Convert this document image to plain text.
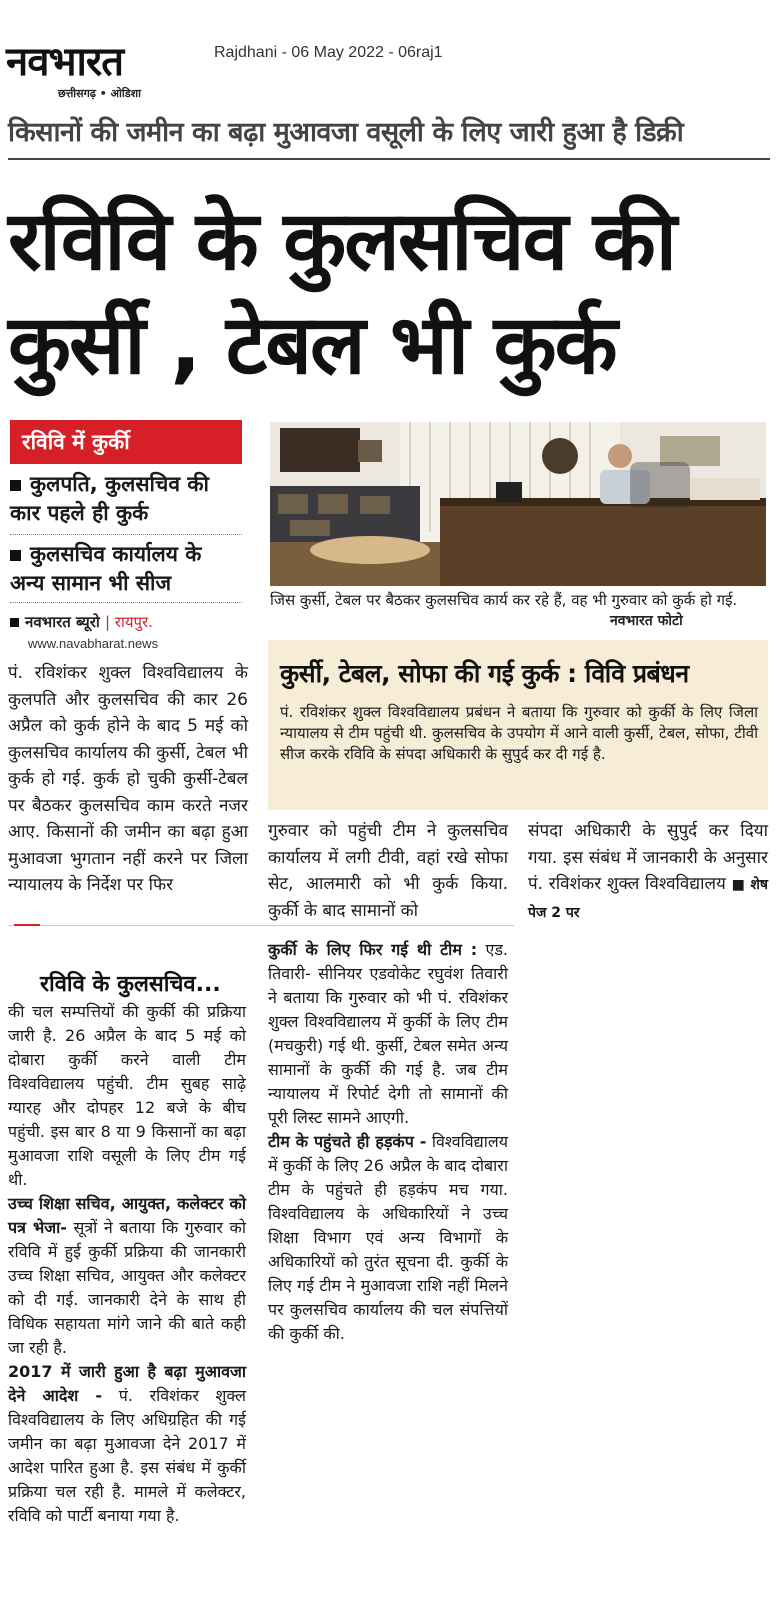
नवभारत
छत्तीसगढ़ • ओडिशा
Rajdhani - 06 May 2022 - 06raj1
किसानों की जमीन का बढ़ा मुआवजा वसूली के लिए जारी हुआ है डिक्री
रविवि के कुलसचिव की
कुर्सी , टेबल भी कुर्क
रविवि में कुर्की
कुलपति, कुलसचिव की कार पहले ही कुर्क
कुलसचिव कार्यालय के अन्य सामान भी सीज
नवभारत ब्यूरो | रायपुर.
www.navabharat.news
पं. रविशंकर शुक्ल विश्वविद्यालय के कुलपति और कुलसचिव की कार 26 अप्रैल को कुर्क होने के बाद 5 मई को कुलसचिव कार्यालय की कुर्सी, टेबल भी कुर्क हो गई. कुर्क हो चुकी कुर्सी-टेबल पर बैठकर कुलसचिव काम करते नजर आए. किसानों की जमीन का बढ़ा हुआ मुआवजा भुगतान नहीं करने पर जिला न्यायालय के निर्देश पर फिर
जिस कुर्सी, टेबल पर बैठकर कुलसचिव कार्य कर रहे हैं, वह भी गुरुवार को कुर्क हो गई.
नवभारत फोटो
कुर्सी, टेबल, सोफा की गई कुर्क : विवि प्रबंधन
पं. रविशंकर शुक्ल विश्वविद्यालय प्रबंधन ने बताया कि गुरुवार को कुर्की के लिए जिला न्यायालय से टीम पहुंची थी. कुलसचिव के उपयोग में आने वाली कुर्सी, टेबल, सोफा, टीवी सीज करके रविवि के संपदा अधिकारी के सुपुर्द कर दी गई है.
गुरुवार को पहुंची टीम ने कुलसचिव कार्यालय में लगी टीवी, वहां रखे सोफा सेट, आलमारी को भी कुर्क किया. कुर्की के बाद सामानों को
संपदा अधिकारी के सुपुर्द कर दिया गया. इस संबंध में जानकारी के अनुसार पं. रविशंकर शुक्ल विश्वविद्यालय ■ शेष पेज 2 पर
रविवि के कुलसचिव...

की चल सम्पत्तियों की कुर्की की प्रक्रिया जारी है. 26 अप्रैल के बाद 5 मई को दोबारा कुर्की करने वाली टीम विश्वविद्यालय पहुंची. टीम सुबह साढ़े ग्यारह और दोपहर 12 बजे के बीच पहुंची. इस बार 8 या 9 किसानों का बढ़ा मुआवजा राशि वसूली के लिए टीम गई थी.

उच्च शिक्षा सचिव, आयुक्त, कलेक्टर को पत्र भेजा- सूत्रों ने बताया कि गुरुवार को रविवि में हुई कुर्की प्रक्रिया की जानकारी उच्च शिक्षा सचिव, आयुक्त और कलेक्टर को दी गई. जानकारी देने के साथ ही विधिक सहायता मांगे जाने की बाते कही जा रही है.

2017 में जारी हुआ है बढ़ा मुआवजा देने आदेश - पं. रविशंकर शुक्ल विश्वविद्यालय के लिए अधिग्रहित की गई जमीन का बढ़ा मुआवजा देने 2017 में आदेश पारित हुआ है. इस संबंध में कुर्की प्रक्रिया चल रही है. मामले में कलेक्टर, रविवि को पार्टी बनाया गया है.

कुर्की के लिए फिर गई थी टीम : एड. तिवारी- सीनियर एडवोकेट रघुवंश तिवारी ने बताया कि गुरुवार को भी पं. रविशंकर शुक्ल विश्वविद्यालय में कुर्की के लिए टीम (मचकुरी) गई थी. कुर्सी, टेबल समेत अन्य सामानों के कुर्की की गई है. जब टीम न्यायालय में रिपोर्ट देगी तो सामानों की पूरी लिस्ट सामने आएगी.

टीम के पहुंचते ही हड़कंप - विश्वविद्यालय में कुर्की के लिए 26 अप्रैल के बाद दोबारा टीम के पहुंचते ही हड़कंप मच गया. विश्वविद्यालय के अधिकारियों ने उच्च शिक्षा विभाग एवं अन्य विभागों के अधिकारियों को तुरंत सूचना दी. कुर्की के लिए गई टीम ने मुआवजा राशि नहीं मिलने पर कुलसचिव कार्यालय की चल संपत्तियों की कुर्की की.
